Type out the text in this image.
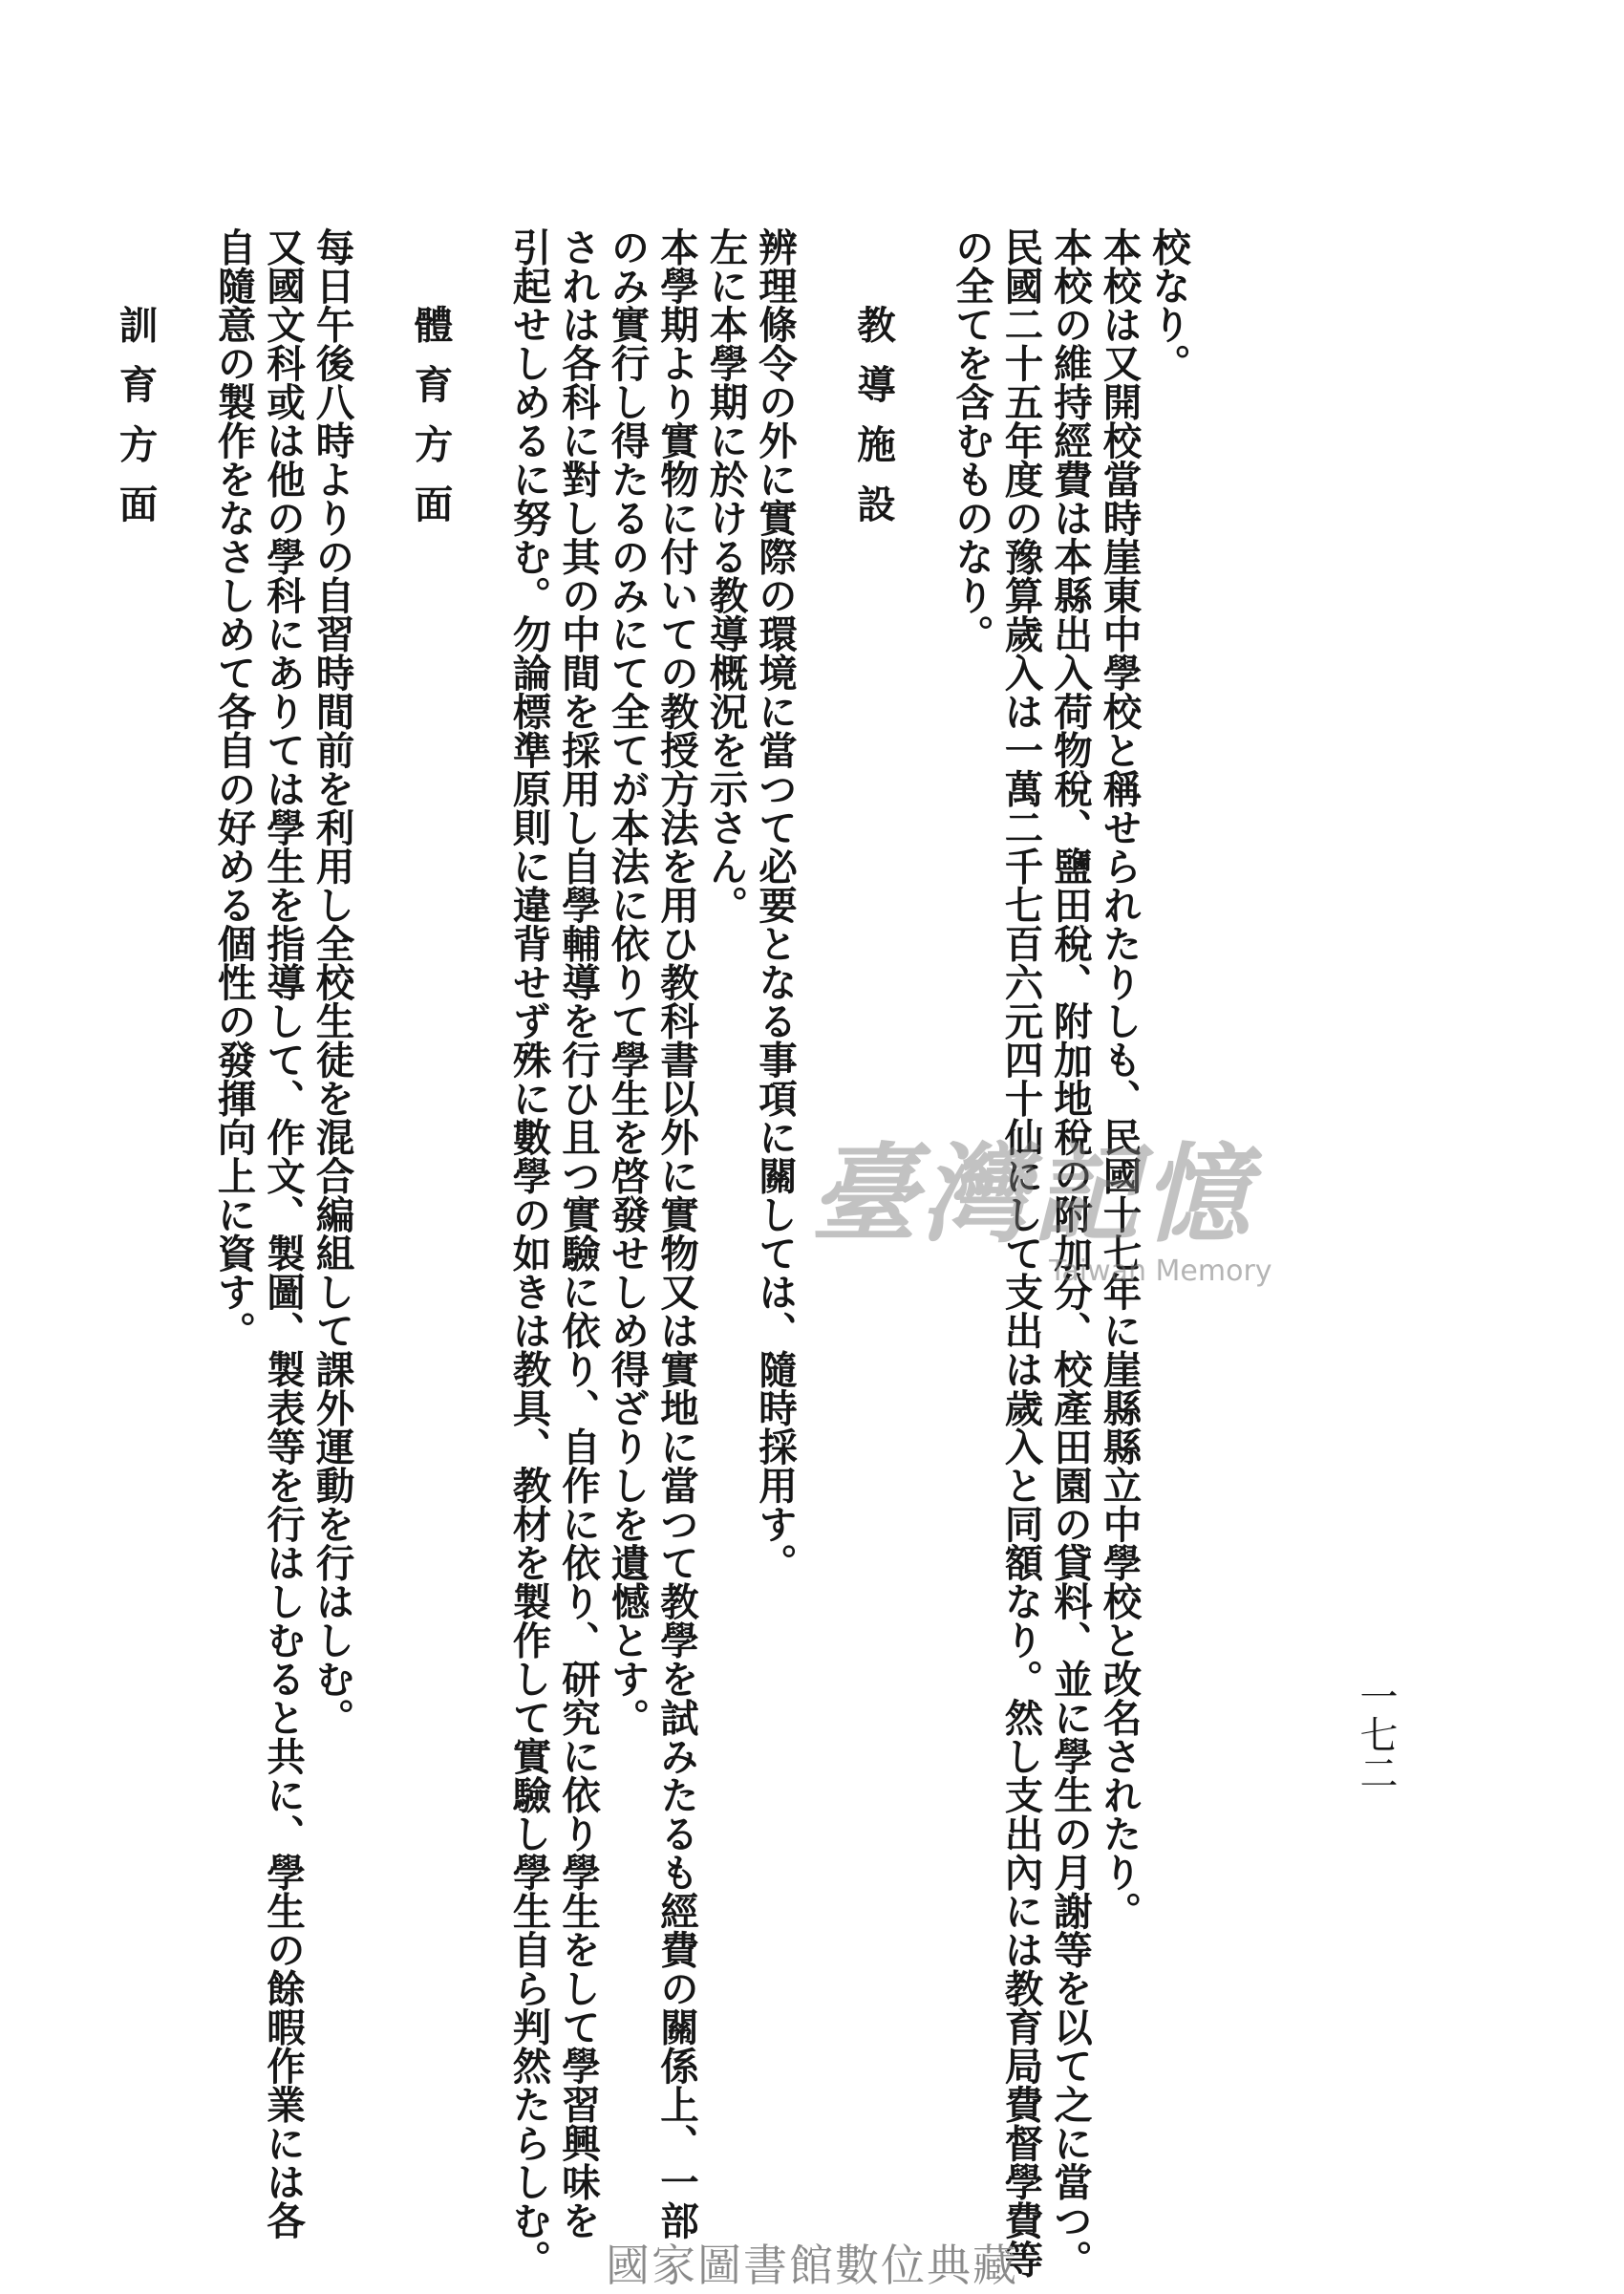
一七二

校なり。

本校は又開校當時崖東中學校と稱せられたりしも、民國十七年に崖縣縣立中學校と改名されたり。

本校の維持經費は本縣出入荷物稅、鹽田稅、附加地稅の附加分、校產田園の貸料、並に學生の月謝等を以て之に當つ。

民國二十五年度の豫算歲入は一萬二千七百六元四十仙にして支出は歲入と同額なり。然し支出內には教育局費督學費等

の全てを含むものなり。

教導施設

辨理條令の外に實際の環境に當つて必要となる事項に關しては、隨時採用す。

左に本學期に於ける教導概況を示さん。

本學期より實物に付いての教授方法を用ひ教科書以外に實物又は實地に當つて教學を試みたるも經費の關係上、一部

のみ實行し得たるのみにて全てが本法に依りて學生を啓發せしめ得ざりしを遺憾とす。

されは各科に對し其の中間を採用し自學輔導を行ひ且つ實驗に依り、自作に依り、研究に依り學生をして學習興味を

引起せしめるに努む。勿論標準原則に違背せず殊に數學の如きは教具、教材を製作して實驗し學生自ら判然たらしむ。

體育方面

每日午後八時よりの自習時間前を利用し全校生徒を混合編組して課外運動を行はしむ。

又國文科或は他の學科にありては學生を指導して、作文、製圖、製表等を行はしむると共に、學生の餘暇作業には各

自隨意の製作をなさしめて各自の好める個性の發揮向上に資す。

訓育方面

臺灣記憶
Taiwan Memory
國家圖書館數位典藏
